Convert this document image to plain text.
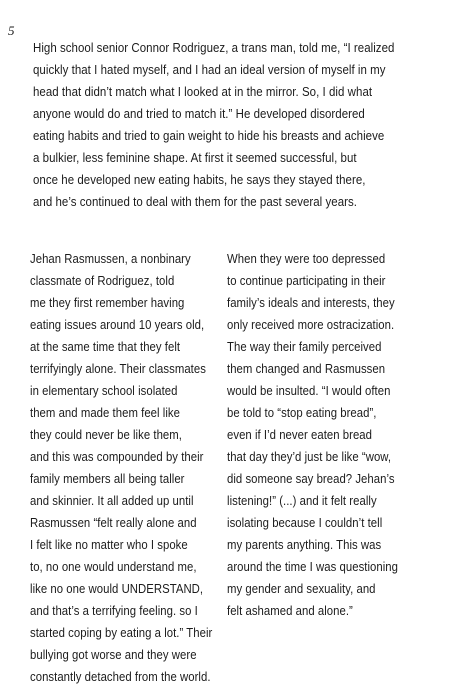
5
High school senior Connor Rodriguez, a trans man, told me, “I realized
quickly that I hated myself, and I had an ideal version of myself in my
head that didn’t match what I looked at in the mirror. So, I did what
anyone would do and tried to match it.” He developed disordered
eating habits and tried to gain weight to hide his breasts and achieve
a bulkier, less feminine shape. At first it seemed successful, but
once he developed new eating habits, he says they stayed there,
and he’s continued to deal with them for the past several years.
Jehan Rasmussen, a nonbinary
classmate of Rodriguez, told
me they first remember having
eating issues around 10 years old,
at the same time that they felt
terrifyingly alone. Their classmates
in elementary school isolated
them and made them feel like
they could never be like them,
and this was compounded by their
family members all being taller
and skinnier. It all added up until
Rasmussen “felt really alone and
I felt like no matter who I spoke
to, no one would understand me,
like no one would UNDERSTAND,
and that’s a terrifying feeling. so I
started coping by eating a lot.” Their
bullying got worse and they were
constantly detached from the world.
When they were too depressed
to continue participating in their
family’s ideals and interests, they
only received more ostracization.
The way their family perceived
them changed and Rasmussen
would be insulted. “I would often
be told to “stop eating bread”,
even if I’d never eaten bread
that day they’d just be like “wow,
did someone say bread? Jehan’s
listening!” (...) and it felt really
isolating because I couldn’t tell
my parents anything. This was
around the time I was questioning
my gender and sexuality, and
felt ashamed and alone.”
